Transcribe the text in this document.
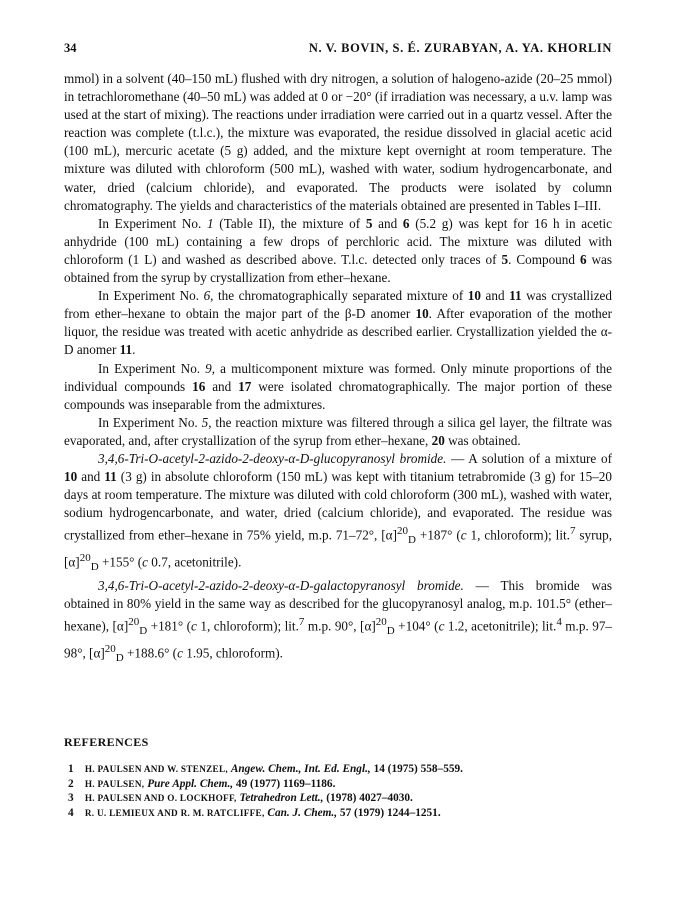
34	N. V. BOVIN, S. É. ZURABYAN, A. YA. KHORLIN

mmol) in a solvent (40–150 mL) flushed with dry nitrogen, a solution of halogeno-azide (20–25 mmol) in tetrachloromethane (40–50 mL) was added at 0 or −20° (if irradiation was necessary, a u.v. lamp was used at the start of mixing). The reactions under irradiation were carried out in a quartz vessel. After the reaction was complete (t.l.c.), the mixture was evaporated, the residue dissolved in glacial acetic acid (100 mL), mercuric acetate (5 g) added, and the mixture kept overnight at room temperature. The mixture was diluted with chloroform (500 mL), washed with water, sodium hydrogencarbonate, and water, dried (calcium chloride), and evaporated. The products were isolated by column chromatography. The yields and characteristics of the materials obtained are presented in Tables I–III.

In Experiment No. 1 (Table II), the mixture of 5 and 6 (5.2 g) was kept for 16 h in acetic anhydride (100 mL) containing a few drops of perchloric acid. The mixture was diluted with chloroform (1 L) and washed as described above. T.l.c. detected only traces of 5. Compound 6 was obtained from the syrup by crystallization from ether–hexane.

In Experiment No. 6, the chromatographically separated mixture of 10 and 11 was crystallized from ether–hexane to obtain the major part of the β-D anomer 10. After evaporation of the mother liquor, the residue was treated with acetic anhydride as described earlier. Crystallization yielded the α-D anomer 11.

In Experiment No. 9, a multicomponent mixture was formed. Only minute proportions of the individual compounds 16 and 17 were isolated chromatographically. The major portion of these compounds was inseparable from the admixtures.

In Experiment No. 5, the reaction mixture was filtered through a silica gel layer, the filtrate was evaporated, and, after crystallization of the syrup from ether–hexane, 20 was obtained.

3,4,6-Tri-O-acetyl-2-azido-2-deoxy-α-D-glucopyranosyl bromide. — A solution of a mixture of 10 and 11 (3 g) in absolute chloroform (150 mL) was kept with titanium tetrabromide (3 g) for 15–20 days at room temperature. The mixture was diluted with cold chloroform (300 mL), washed with water, sodium hydrogencarbonate, and water, dried (calcium chloride), and evaporated. The residue was crystallized from ether–hexane in 75% yield, m.p. 71–72°, $[\alpha]^{20}_D +187^\circ$ (c 1, chloroform); lit.$^7$ syrup, $[\alpha]^{20}_D +155^\circ$ (c 0.7, acetonitrile).

3,4,6-Tri-O-acetyl-2-azido-2-deoxy-α-D-galactopyranosyl bromide. — This bromide was obtained in 80% yield in the same way as described for the glucopyranosyl analog, m.p. 101.5° (ether–hexane), $[\alpha]^{20}_D +181^\circ$ (c 1, chloroform); lit.$^7$ m.p. 90°, $[\alpha]^{20}_D +104^\circ$ (c 1.2, acetonitrile); lit.$^4$ m.p. 97–98°, $[\alpha]^{20}_D +188.6^\circ$ (c 1.95, chloroform).

REFERENCES
1 H. PAULSEN AND W. STENZEL, Angew. Chem., Int. Ed. Engl., 14 (1975) 558–559.
2 H. PAULSEN, Pure Appl. Chem., 49 (1977) 1169–1186.
3 H. PAULSEN AND O. LOCKHOFF, Tetrahedron Lett., (1978) 4027–4030.
4 R. U. LEMIEUX AND R. M. RATCLIFFE, Can. J. Chem., 57 (1979) 1244–1251.
